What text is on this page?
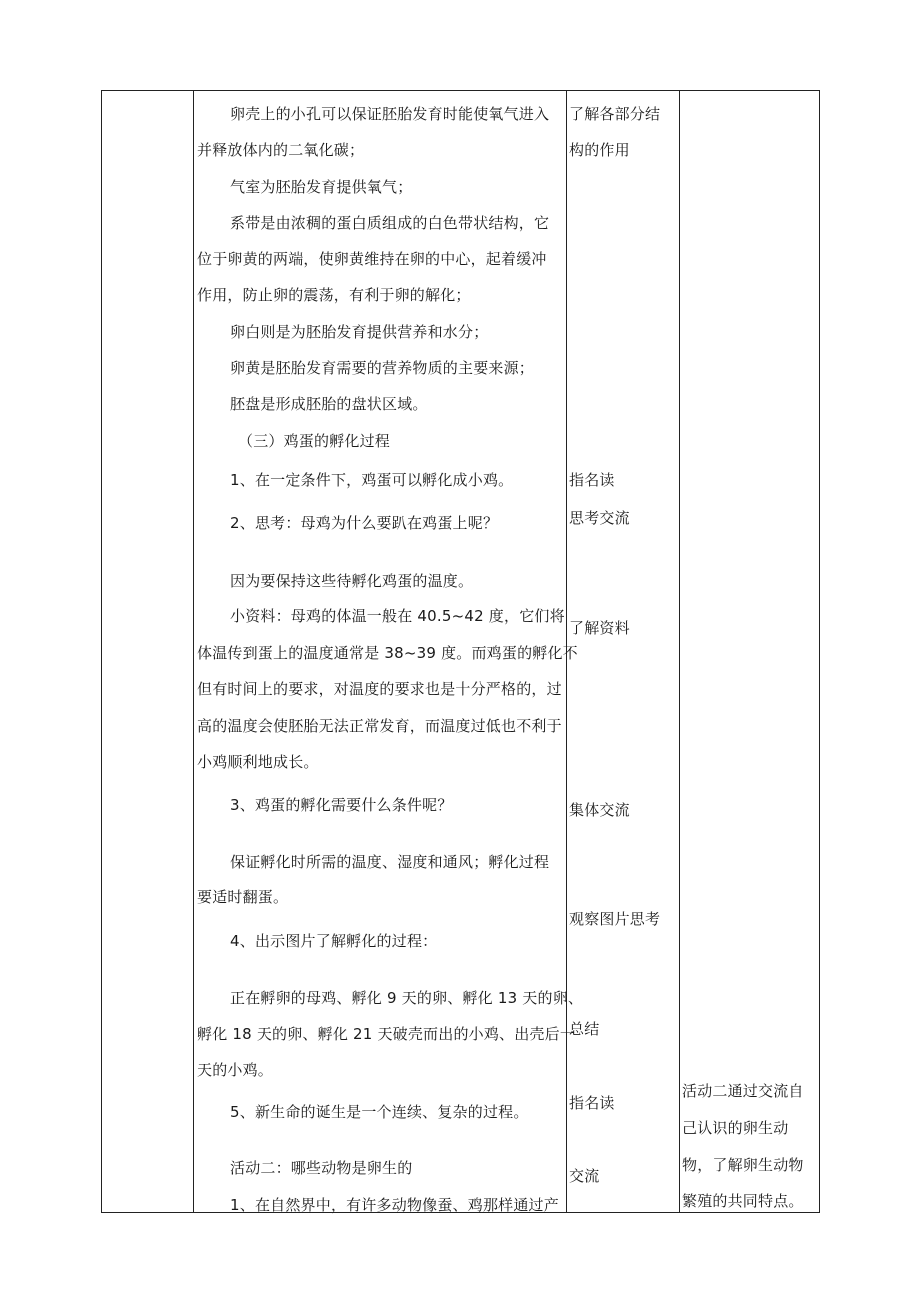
卵壳上的小孔可以保证胚胎发育时能使氧气进入
并释放体内的二氧化碳；
气室为胚胎发育提供氧气；
系带是由浓稠的蛋白质组成的白色带状结构，它
位于卵黄的两端，使卵黄维持在卵的中心，起着缓冲
作用，防止卵的震荡，有利于卵的解化；
卵白则是为胚胎发育提供营养和水分；
卵黄是胚胎发育需要的营养物质的主要来源；
胚盘是形成胚胎的盘状区域。
（三）鸡蛋的孵化过程
1、在一定条件下，鸡蛋可以孵化成小鸡。
2、思考：母鸡为什么要趴在鸡蛋上呢？
因为要保持这些待孵化鸡蛋的温度。
小资料：母鸡的体温一般在 40.5~42 度，它们将
体温传到蛋上的温度通常是 38~39 度。而鸡蛋的孵化不
但有时间上的要求，对温度的要求也是十分严格的，过
高的温度会使胚胎无法正常发育，而温度过低也不利于
小鸡顺利地成长。
3、鸡蛋的孵化需要什么条件呢？
保证孵化时所需的温度、湿度和通风；孵化过程
要适时翻蛋。
4、出示图片了解孵化的过程：
正在孵卵的母鸡、孵化 9 天的卵、孵化 13 天的卵、
孵化 18 天的卵、孵化 21 天破壳而出的小鸡、出壳后一
天的小鸡。
5、新生命的诞生是一个连续、复杂的过程。
活动二：哪些动物是卵生的
1、在自然界中，有许多动物像蚕、鸡那样通过产
了解各部分结
构的作用
指名读
思考交流
了解资料
集体交流
观察图片思考
总结
指名读
交流
活动二通过交流自
己认识的卵生动
物，了解卵生动物
繁殖的共同特点。
